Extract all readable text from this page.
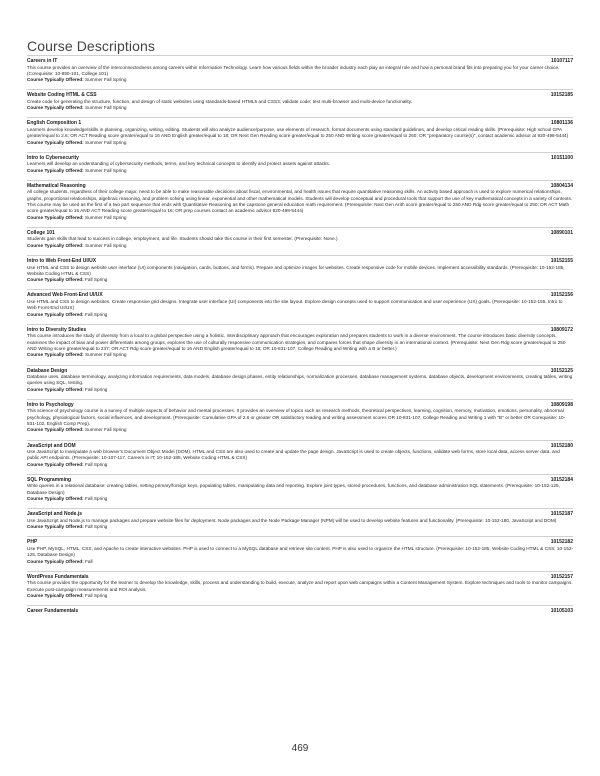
Course Descriptions
Careers in IT	10107117
This course provides an overview of the interconnectedness among careers within Information Technology. Learn how various fields within the broader industry each play an integral role and how a personal brand fits into preparing you for your career choice. (Corequisite: 10-890-101, College 101)
Course Typically Offered: Summer Fall Spring
Website Coding HTML & CSS	10152185
Create code for generating the structure, function, and design of static websites using standards-based HTML5 and CSS3; validate code; test multi-browser and multi-device functionality.
Course Typically Offered: Summer Fall Spring
English Composition 1	10801136
Learners develop knowledge/skills in planning, organizing, writing, editing. Students will also analyze audience/purpose, use elements of research, format documents using standard guidelines, and develop critical reading skills. (Prerequisite: High school GPA greater/equal to 2.6; OR ACT Reading score greater/equal to 16 AND English greater/equal to 18; OR Next Gen Reading score greater/equal to 250 AND Writing score greater/equal to 260; OR "preparatory course(s)", contact academic advisor at 920-498-5444)
Course Typically Offered: Summer Fall Spring
Intro to Cybersecurity	10151100
Learners will develop an understanding of cybersecurity methods, terms, and key technical concepts to identify and protect assets against attacks.
Course Typically Offered: Summer Fall Spring
Mathematical Reasoning	10804134
All college students, regardless of their college major, need to be able to make reasonable decisions about fiscal, environmental, and health issues that require quantitative reasoning skills. An activity based approach is used to explore numerical relationships, graphs, proportional relationships, algebraic reasoning, and problem solving using linear, exponential and other mathematical models. Students will develop conceptual and procedural tools that support the use of key mathematical concepts in a variety of contexts. This course may be used as the first of a two part sequence that ends with Quantitative Reasoning as the capstone general education math requirement. (Prerequisite: Next Gen Arith score greater/equal to 250 AND Rdg score greater/equal to 250; OR ACT Math score greater/equal to 15 AND ACT Reading score greater/equal to 16; OR prep courses contact an academic advisor 920-498-5444)
Course Typically Offered: Summer Fall Spring
College 101	10890101
Students gain skills that lead to success in college, employment, and life. Students should take this course in their first semester. (Prerequisite: None.)
Course Typically Offered: Summer Fall Spring
Intro to Web Front-End UI/UX	10152155
Use HTML and CSS to design website user interface (UI) components (navigation, cards, buttons, and forms). Prepare and optimize images for websites. Create responsive code for mobile devices. Implement accessibility standards. (Prerequisite: 10-152-185, Website Coding HTML & CSS)
Course Typically Offered: Fall Spring
Advanced Web Front-End UI/UX	10152156
Use HTML and CSS to design websites. Create responsive grid designs. Integrate user interface (UI) components into the site layout. Explore design concepts used to support communication and user experience (UX) goals. (Prerequisite: 10-152-155, Intro to Web Front-End UI/UX)
Course Typically Offered: Fall Spring
Intro to Diversity Studies	10809172
This course introduces the study of diversity from a local to a global perspective using a holistic, interdisciplinary approach that encourages exploration and prepares students to work in a diverse environment. The course introduces basic diversity concepts, examines the impact of bias and power differentials among groups, explores the use of culturally responsive communication strategies, and compares forces that shape diversity in an international context. (Prerequisite: Next Gen Rdg score greater/equal to 250 AND Writing score greater/equal to 237; OR ACT Rdg score greater/equal to 16 AND English greater/equal to 15; OR 10-831-107, College Reading and Writing with a B or better.)
Course Typically Offered: Summer Fall Spring
Database Design	10152125
Database uses, database terminology, analyzing information requirements, data models, database design phases, entity relationships, normalization processes, database management systems, database objects, development environments, creating tables, writing queries using SQL, testing.
Course Typically Offered: Fall Spring
Intro to Psychology	10809198
This science of psychology course is a survey of multiple aspects of behavior and mental processes. It provides an overview of topics such as research methods, theoretical perspectives, learning, cognition, memory, motivation, emotions, personality, abnormal psychology, physiological factors, social influences, and development. (Prerequisite: Cumulative GPA of 2.6 or greater OR satisfactory reading and writing assessment scores OR 10-831-107, College Reading and Writing 1 with "B" or better OR Corequisite: 10-831-102, English Comp Prep).
Course Typically Offered: Summer Fall Spring
JavaScript and DOM	10152180
Use JavaScript to manipulate a web browser's Document Object Model (DOM). HTML and CSS are also used to create and update the page design. JavaScript is used to create objects, functions, validate web forms, store local data, access server data, and public API endpoints. (Prerequisite: 10-107-117, Careers in IT; 10-152-185, Website Coding HTML & CSS)
Course Typically Offered: Fall Spring
SQL Programming	10152184
Write queries in a relational database: creating tables, setting primary/foreign keys, populating tables, manipulating data and reporting. Explore joint types, stored procedures, functions, and database administration SQL statements. (Prerequisite: 10-152-125, Database Design)
Course Typically Offered: Fall Spring
JavaScript and Node.js	10152187
Use JavaScript and Node.js to manage packages and prepare website files for deployment. Node packages and the Node Package Manager (NPM) will be used to develop website features and functionality. (Prerequisite: 10-152-180, JavaScript and DOM)
Course Typically Offered: Fall Spring
PHP	10152182
Use PHP, MySQL, HTML, CSS, and Apache to create interactive websites. PHP is used to connect to a MySQL database and retrieve site content. PHP is also used to organize the HTML structure. (Prerequisite: 10-152-185, Website Coding HTML & CSS; 10-152-125, Database Design)
Course Typically Offered: Fall
WordPress Fundamentals	10152157
This course provides the opportunity for the learner to develop the knowledge, skills, process and understanding to build, execute, analyze and report upon web campaigns within a Content Management System. Explore techniques and tools to monitor campaigns. Execute post-campaign measurements and ROI analysis.
Course Typically Offered: Fall Spring
Career Fundamentals	10105103
469
